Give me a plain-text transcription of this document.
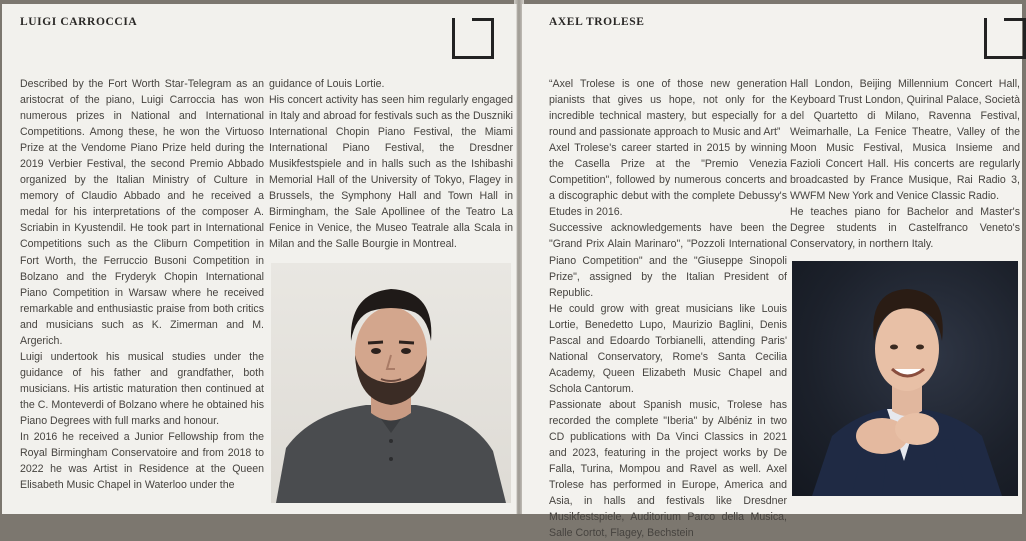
LUIGI CARROCCIA
Described by the Fort Worth Star-Telegram as an aristocrat of the piano, Luigi Carroccia has won numerous prizes in National and International Competitions. Among these, he won the Virtuoso Prize at the Vendome Piano Prize held during the 2019 Verbier Festival, the second Premio Abbado organized by the Italian Ministry of Culture in memory of Claudio Abbado and he received a medal for his interpretations of the composer A. Scriabin in Kyustendil. He took part in International Competitions such as the Cliburn Competition in Fort Worth, the Ferruccio Busoni Competition in Bolzano and the Fryderyk Chopin International Piano Competition in Warsaw where he received remarkable and enthusiastic praise from both critics and musicians such as K. Zimerman and M. Argerich.
Luigi undertook his musical studies under the guidance of his father and grandfather, both musicians. His artistic maturation then continued at the C. Monteverdi of Bolzano where he obtained his Piano Degrees with full marks and honour.
In 2016 he received a Junior Fellowship from the Royal Birmingham Conservatoire and from 2018 to 2022 he was Artist in Residence at the Queen Elisabeth Music Chapel in Waterloo under the
guidance of Louis Lortie.
His concert activity has seen him regularly engaged in Italy and abroad for festivals such as the Duszniki International Chopin Piano Festival, the Miami International Piano Festival, the Dresdner Musikfestspiele and in halls such as the Ishibashi Memorial Hall of the University of Tokyo, Flagey in Brussels, the Symphony Hall and Town Hall in Birmingham, the Sale Apollinee of the Teatro La Fenice in Venice, the Museo Teatrale alla Scala in Milan and the Salle Bourgie in Montreal.
AXEL TROLESE
“Axel Trolese is one of those new generation pianists that gives us hope, not only for the incredible technical mastery, but especially for a round and passionate approach to Music and Art”
Axel Trolese's career started in 2015 by winning the Casella Prize at the "Premio Venezia Competition", followed by numerous concerts and a discographic debut with the complete Debussy's Etudes in 2016.
Successive acknowledgements have been the "Grand Prix Alain Marinaro", "Pozzoli International Piano Competition" and the "Giuseppe Sinopoli Prize", assigned by the Italian President of Republic.
He could grow with great musicians like Louis Lortie, Benedetto Lupo, Maurizio Baglini, Denis Pascal and Edoardo Torbianelli, attending Paris' National Conservatory, Rome's Santa Cecilia Academy, Queen Elizabeth Music Chapel and Schola Cantorum.
Passionate about Spanish music, Trolese has recorded the complete "Iberia" by Albéniz in two CD publications with Da Vinci Classics in 2021 and 2023, featuring in the project works by De Falla, Turina, Mompou and Ravel as well. Axel Trolese has performed in Europe, America and Asia, in halls and festivals like Dresdner Musikfestspiele, Auditorium Parco della Musica, Salle Cortot, Flagey, Bechstein
Hall London, Beijing Millennium Concert Hall, Keyboard Trust London, Quirinal Palace, Società del Quartetto di Milano, Ravenna Festival, Weimarhalle, La Fenice Theatre, Valley of the Moon Music Festival, Musica Insieme and Fazioli Concert Hall. His concerts are regularly broadcasted by France Musique, Rai Radio 3, WWFM New York and Venice Classic Radio.
He teaches piano for Bachelor and Master's Degree students in Castelfranco Veneto's Conservatory, in northern Italy.
